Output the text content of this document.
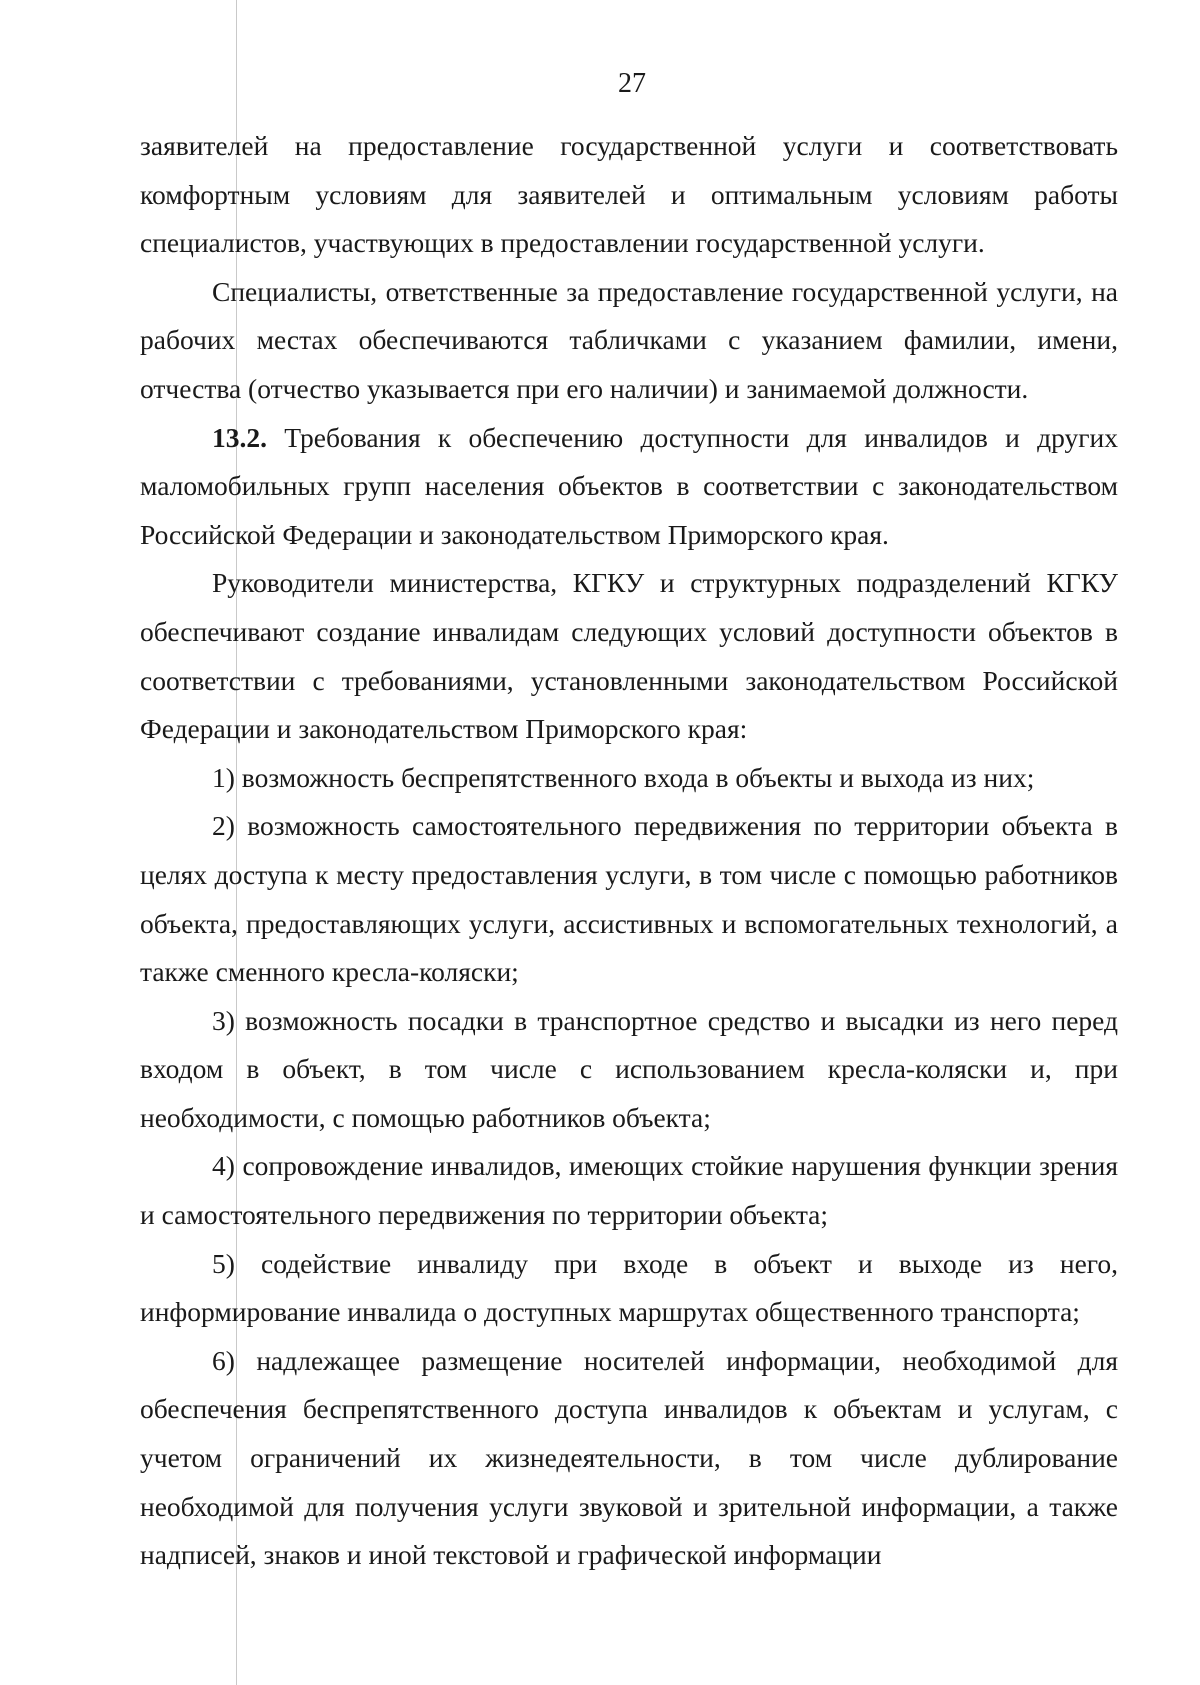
27

заявителей на предоставление государственной услуги и соответствовать комфортным условиям для заявителей и оптимальным условиям работы специалистов, участвующих в предоставлении государственной услуги.

Специалисты, ответственные за предоставление государственной услуги, на рабочих местах обеспечиваются табличками с указанием фамилии, имени, отчества (отчество указывается при его наличии) и занимаемой должности.

13.2. Требования к обеспечению доступности для инвалидов и других маломобильных групп населения объектов в соответствии с законодательством Российской Федерации и законодательством Приморского края.

Руководители министерства, КГКУ и структурных подразделений КГКУ обеспечивают создание инвалидам следующих условий доступности объектов в соответствии с требованиями, установленными законодательством Российской Федерации и законодательством Приморского края:

1) возможность беспрепятственного входа в объекты и выхода из них;

2) возможность самостоятельного передвижения по территории объекта в целях доступа к месту предоставления услуги, в том числе с помощью работников объекта, предоставляющих услуги, ассистивных и вспомогательных технологий, а также сменного кресла-коляски;

3) возможность посадки в транспортное средство и высадки из него перед входом в объект, в том числе с использованием кресла-коляски и, при необходимости, с помощью работников объекта;

4) сопровождение инвалидов, имеющих стойкие нарушения функции зрения и самостоятельного передвижения по территории объекта;

5) содействие инвалиду при входе в объект и выходе из него, информирование инвалида о доступных маршрутах общественного транспорта;

6) надлежащее размещение носителей информации, необходимой для обеспечения беспрепятственного доступа инвалидов к объектам и услугам, с учетом ограничений их жизнедеятельности, в том числе дублирование необходимой для получения услуги звуковой и зрительной информации, а также надписей, знаков и иной текстовой и графической информации
